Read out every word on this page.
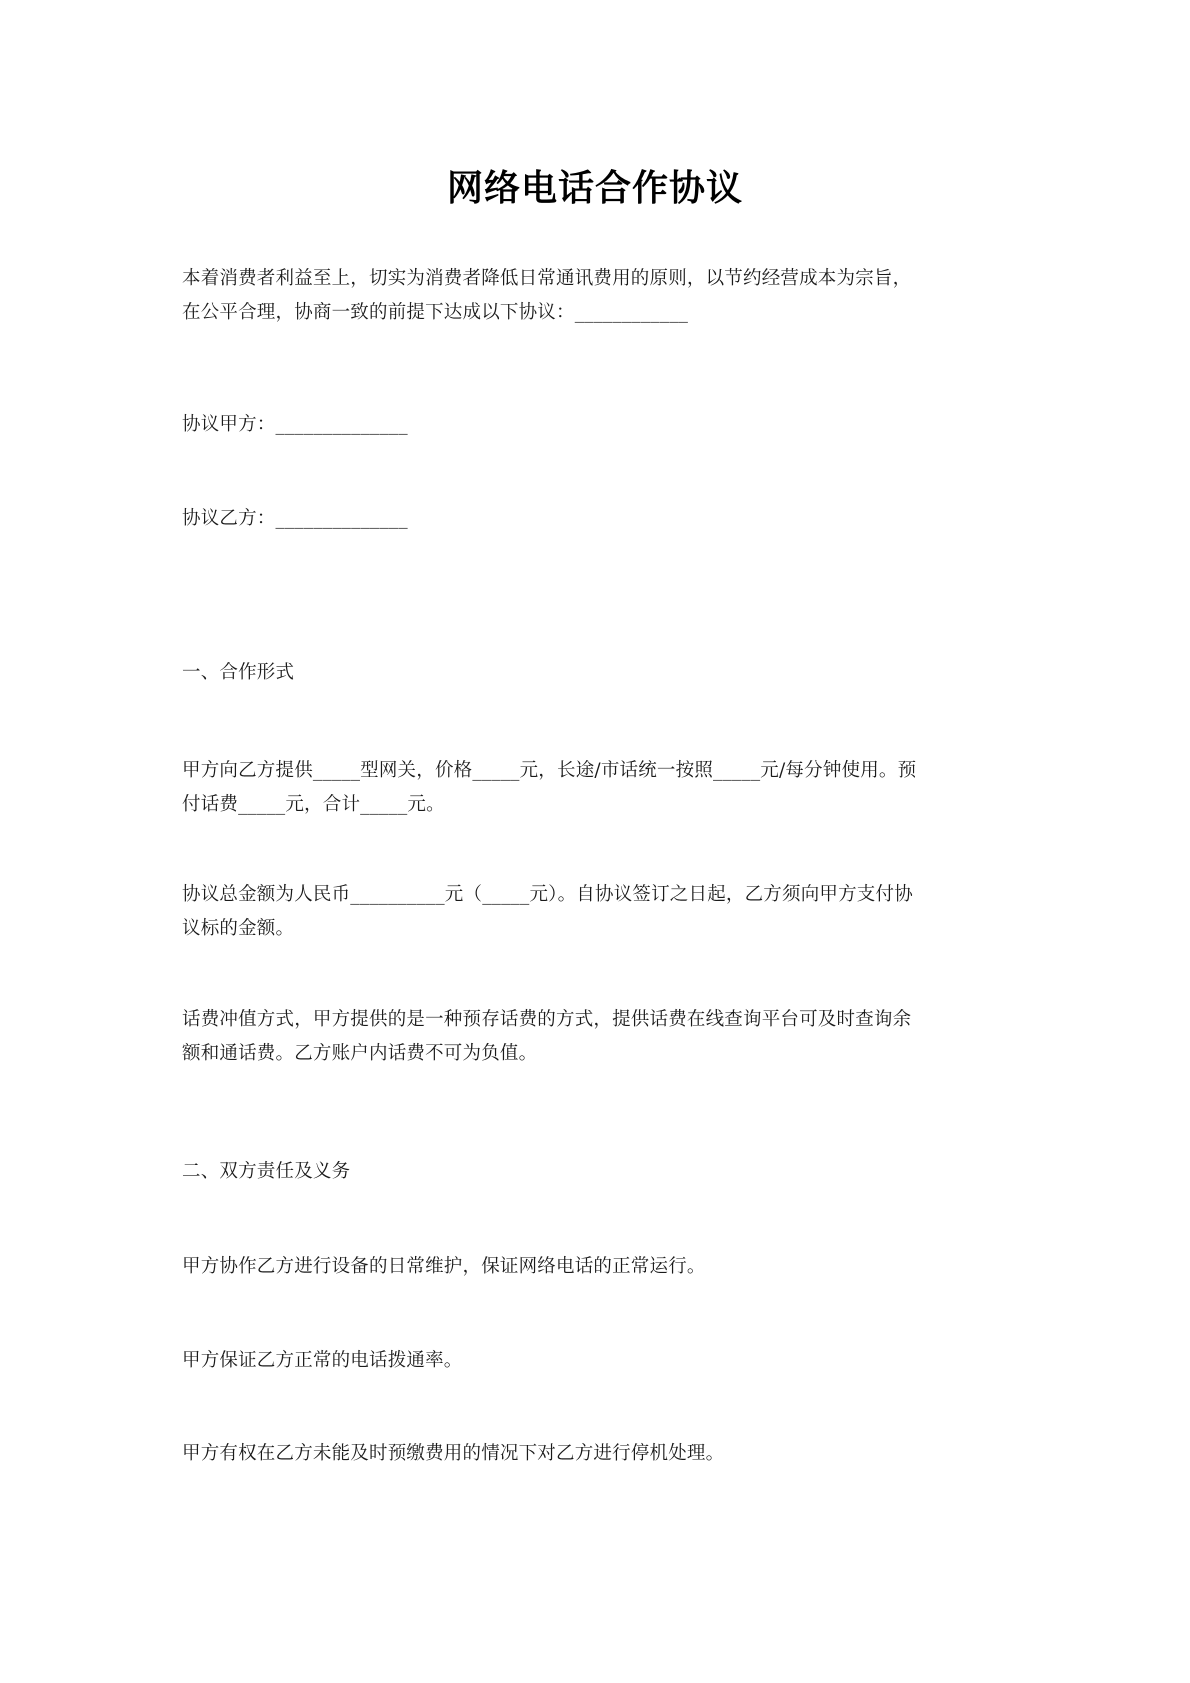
网络电话合作协议
本着消费者利益至上，切实为消费者降低日常通讯费用的原则，以节约经营成本为宗旨，
在公平合理，协商一致的前提下达成以下协议：____________
协议甲方：______________
协议乙方：______________
一、合作形式
甲方向乙方提供_____型网关，价格_____元，长途/市话统一按照_____元/每分钟使用。预
付话费_____元，合计_____元。
协议总金额为人民币__________元（_____元）。自协议签订之日起，乙方须向甲方支付协
议标的金额。
话费冲值方式，甲方提供的是一种预存话费的方式，提供话费在线查询平台可及时查询余
额和通话费。乙方账户内话费不可为负值。
二、双方责任及义务
甲方协作乙方进行设备的日常维护，保证网络电话的正常运行。
甲方保证乙方正常的电话拨通率。
甲方有权在乙方未能及时预缴费用的情况下对乙方进行停机处理。
